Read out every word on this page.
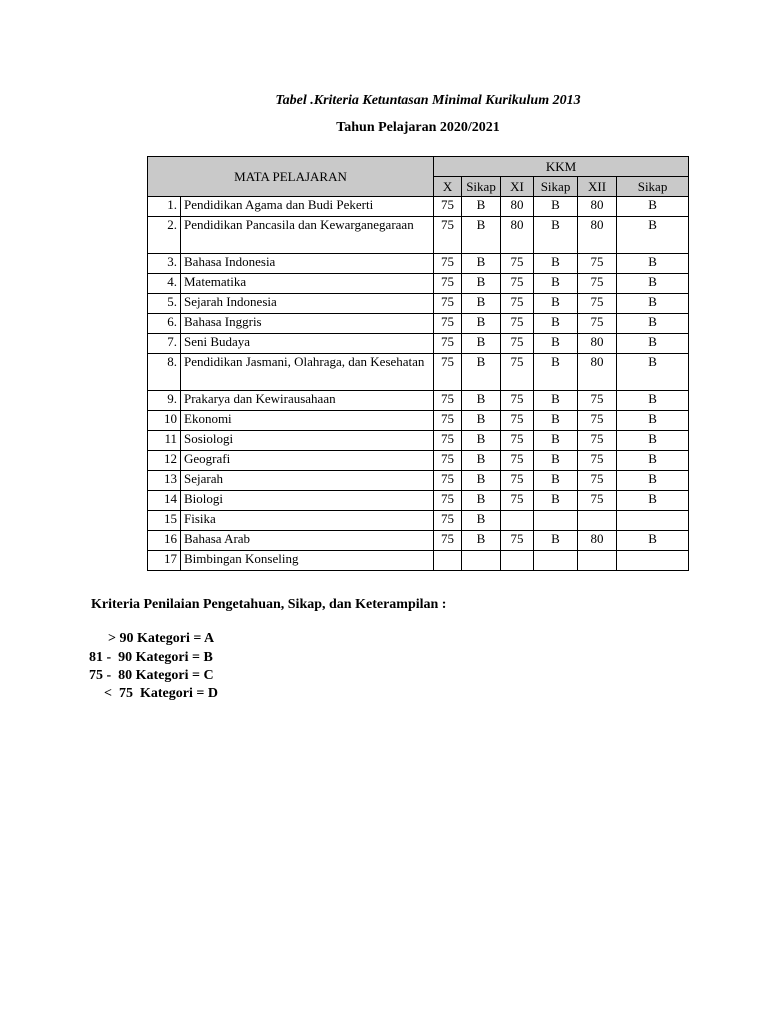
Tabel .Kriteria Ketuntasan Minimal Kurikulum 2013
Tahun Pelajaran 2020/2021
MATA PELAJARAN		KKM					
		X	Sikap	XI	Sikap	XII	Sikap
1.	Pendidikan Agama dan Budi Pekerti	75	B	80	B	80	B
2.	Pendidikan Pancasila dan Kewarganegaraan	75	B	80	B	80	B
3.	Bahasa Indonesia	75	B	75	B	75	B
4.	Matematika	75	B	75	B	75	B
5.	Sejarah Indonesia	75	B	75	B	75	B
6.	Bahasa Inggris	75	B	75	B	75	B
7.	Seni Budaya	75	B	75	B	80	B
8.	Pendidikan Jasmani, Olahraga, dan Kesehatan	75	B	75	B	80	B
9.	Prakarya dan Kewirausahaan	75	B	75	B	75	B
10	Ekonomi	75	B	75	B	75	B
11	Sosiologi	75	B	75	B	75	B
12	Geografi	75	B	75	B	75	B
13	Sejarah	75	B	75	B	75	B
14	Biologi	75	B	75	B	75	B
15	Fisika	75	B				
16	Bahasa Arab	75	B	75	B	80	B
17	Bimbingan Konseling						
Kriteria Penilaian Pengetahuan, Sikap, dan Keterampilan :
> 90 Kategori = A
81 -  90 Kategori = B
75 -  80 Kategori = C
<  75  Kategori = D
